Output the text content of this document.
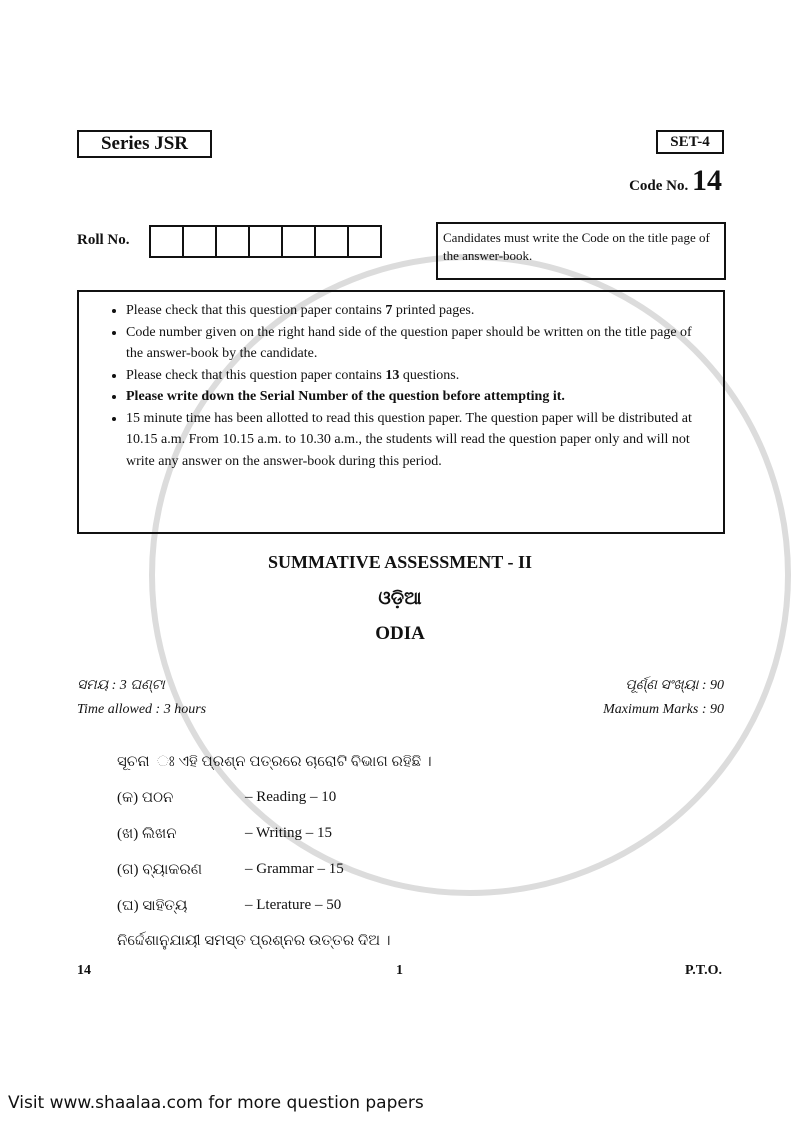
Series JSR	SET-4
Code No. 14
Roll No.	Candidates must write the Code on the title page of the answer-book.
• Please check that this question paper contains 7 printed pages.
• Code number given on the right hand side of the question paper should be written on the title page of the answer-book by the candidate.
• Please check that this question paper contains 13 questions.
• Please write down the Serial Number of the question before attempting it.
• 15 minute time has been allotted to read this question paper. The question paper will be distributed at 10.15 a.m. From 10.15 a.m. to 10.30 a.m., the students will read the question paper only and will not write any answer on the answer-book during this period.
SUMMATIVE ASSESSMENT - II
ଓଡ଼ିଆ
ODIA
ସମୟ : 3 ଘଣ୍ଟା
Time allowed : 3 hours
ପୂର୍ଣ୍ଣ ସଂଖ୍ୟା : 90
Maximum Marks : 90
ସୂଚନା ଃ ଏହି ପ୍ରଶ୍ନ ପତ୍ରରେ ଚାରୋଟି ବିଭାଗ ରହିଛି ।
(କ) ପଠନ	– Reading – 10
(ଖ) ଲିଖନ	– Writing – 15
(ଗ) ବ୍ୟାକରଣ	– Grammar – 15
(ଘ) ସାହିତ୍ୟ	– Lterature – 50
ନିର୍ଦ୍ଦେଶାନୁଯାୟୀ ସମସ୍ତ ପ୍ରଶ୍ନର ଉତ୍ତର ଦିଅ ।
14	1	P.T.O.
Visit www.shaalaa.com for more question papers
